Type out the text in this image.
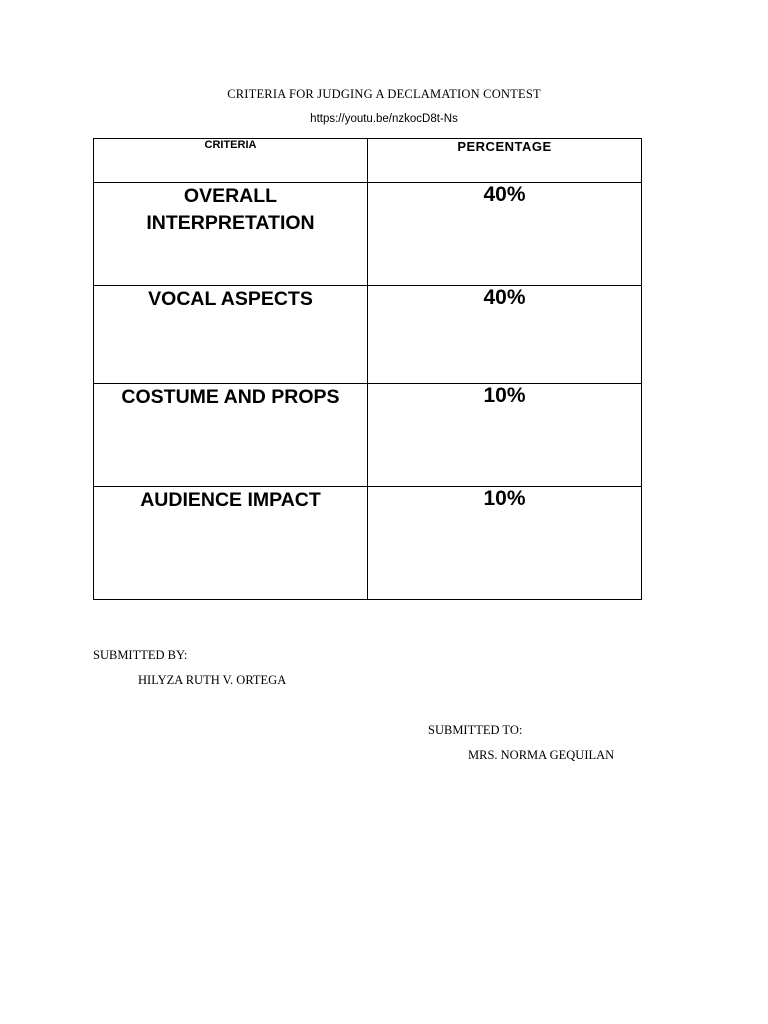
CRITERIA FOR JUDGING A DECLAMATION CONTEST
https://youtu.be/nzkocD8t-Ns
CRITERIA	PERCENTAGE

OVERALL
INTERPRETATION	40%

VOCAL ASPECTS	40%

COSTUME AND PROPS	10%

AUDIENCE IMPACT	10%
SUBMITTED BY:
HILYZA RUTH V. ORTEGA
SUBMITTED TO:
MRS. NORMA GEQUILAN
